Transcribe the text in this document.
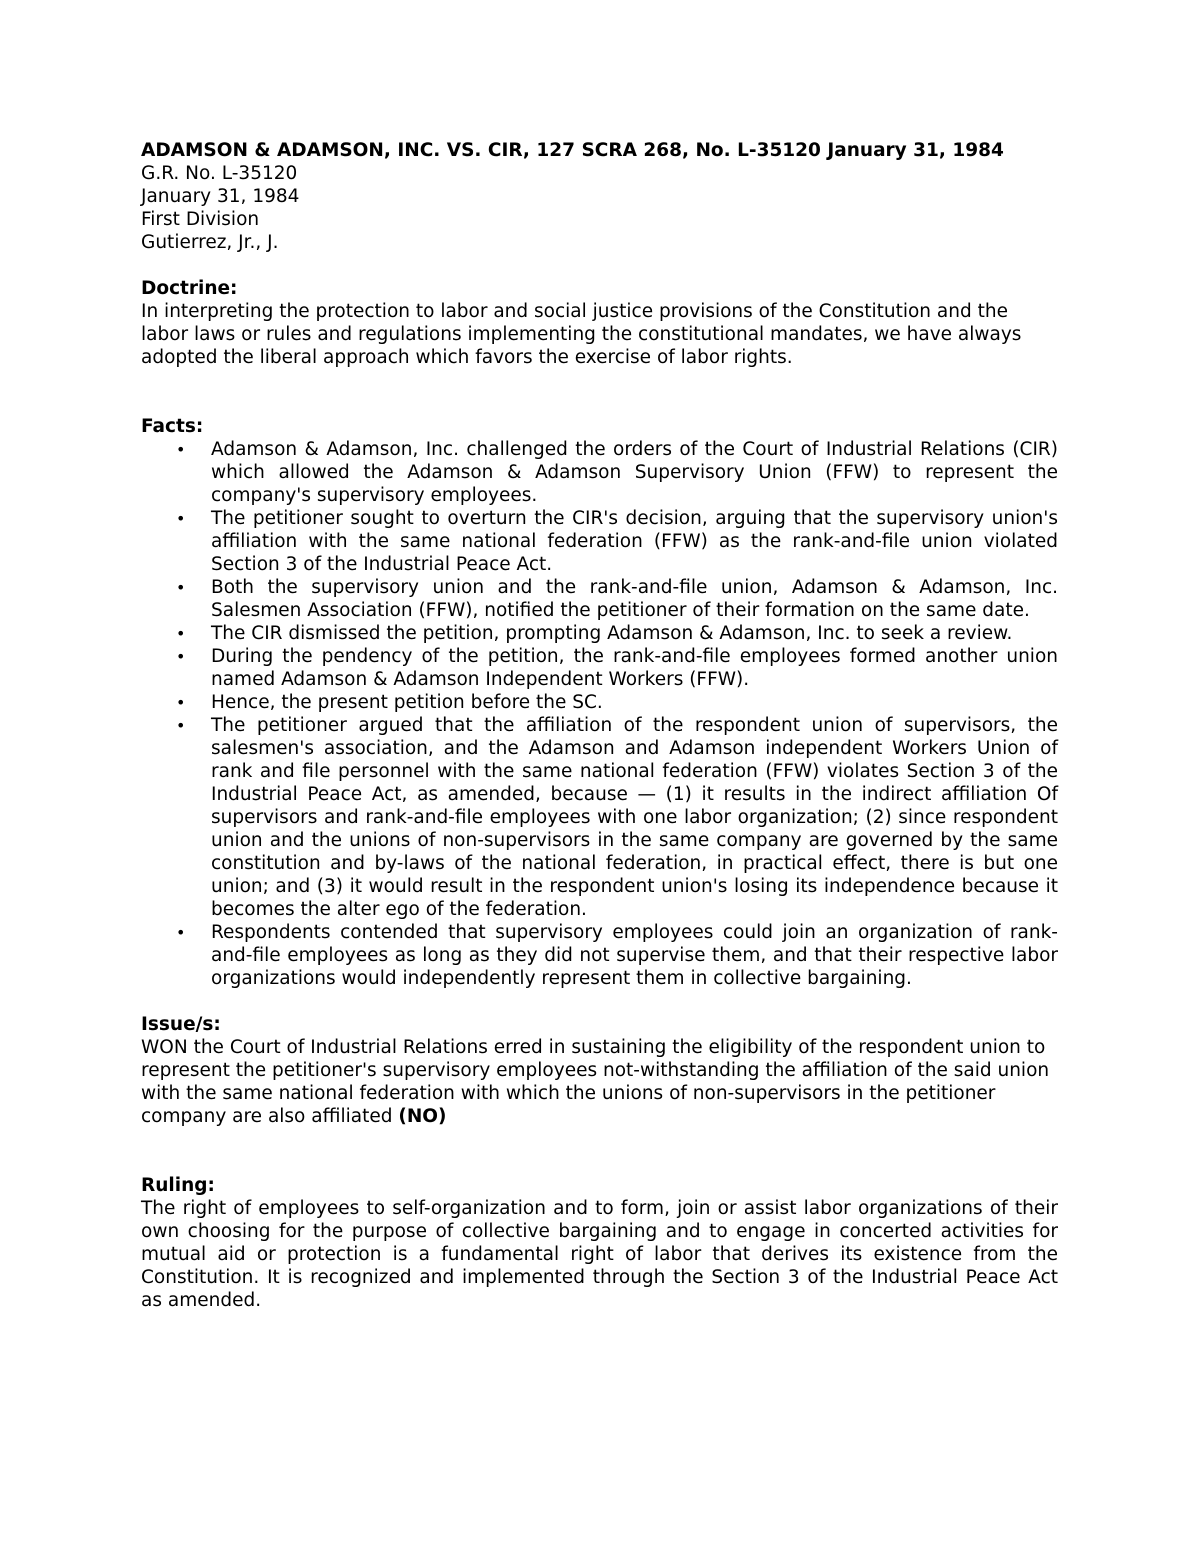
ADAMSON & ADAMSON, INC. VS. CIR, 127 SCRA 268, No. L-35120 January 31, 1984
G.R. No. L-35120
January 31, 1984
First Division
Gutierrez, Jr., J.
Doctrine:
In interpreting the protection to labor and social justice provisions of the Constitution and the labor laws or rules and regulations implementing the constitutional mandates, we have always adopted the liberal approach which favors the exercise of labor rights.
Facts:
• Adamson & Adamson, Inc. challenged the orders of the Court of Industrial Relations (CIR) which allowed the Adamson & Adamson Supervisory Union (FFW) to represent the company's supervisory employees.
• The petitioner sought to overturn the CIR's decision, arguing that the supervisory union's affiliation with the same national federation (FFW) as the rank-and-file union violated Section 3 of the Industrial Peace Act.
• Both the supervisory union and the rank-and-file union, Adamson & Adamson, Inc. Salesmen Association (FFW), notified the petitioner of their formation on the same date.
• The CIR dismissed the petition, prompting Adamson & Adamson, Inc. to seek a review.
• During the pendency of the petition, the rank-and-file employees formed another union named Adamson & Adamson Independent Workers (FFW).
• Hence, the present petition before the SC.
• The petitioner argued that the affiliation of the respondent union of supervisors, the salesmen's association, and the Adamson and Adamson independent Workers Union of rank and file personnel with the same national federation (FFW) violates Section 3 of the Industrial Peace Act, as amended, because — (1) it results in the indirect affiliation Of supervisors and rank-and-file employees with one labor organization; (2) since respondent union and the unions of non-supervisors in the same company are governed by the same constitution and by-laws of the national federation, in practical effect, there is but one union; and (3) it would result in the respondent union's losing its independence because it becomes the alter ego of the federation.
• Respondents contended that supervisory employees could join an organization of rank-and-file employees as long as they did not supervise them, and that their respective labor organizations would independently represent them in collective bargaining.
Issue/s:
WON the Court of Industrial Relations erred in sustaining the eligibility of the respondent union to represent the petitioner's supervisory employees not-withstanding the affiliation of the said union with the same national federation with which the unions of non-supervisors in the petitioner company are also affiliated (NO)
Ruling:
The right of employees to self-organization and to form, join or assist labor organizations of their own choosing for the purpose of collective bargaining and to engage in concerted activities for mutual aid or protection is a fundamental right of labor that derives its existence from the Constitution. It is recognized and implemented through the Section 3 of the Industrial Peace Act as amended.
